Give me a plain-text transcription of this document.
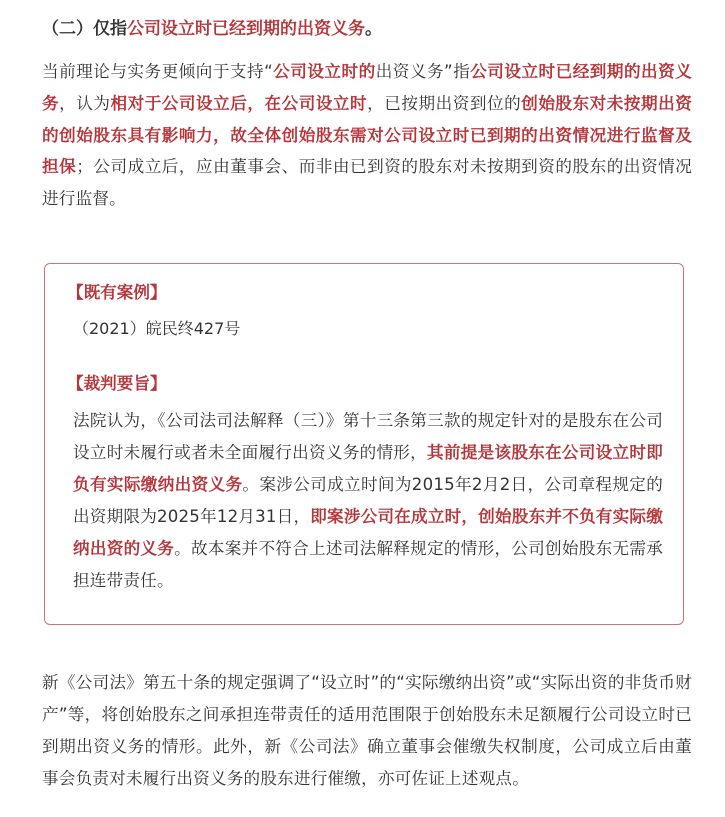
（二）仅指公司设立时已经到期的出资义务。
当前理论与实务更倾向于支持“公司设立时的出资义务”指公司设立时已经到期的出资义务，认为相对于公司设立后，在公司设立时，已按期出资到位的创始股东对未按期出资的创始股东具有影响力，故全体创始股东需对公司设立时已到期的出资情况进行监督及担保；公司成立后，应由董事会、而非由已到资的股东对未按期到资的股东的出资情况进行监督。
【既有案例】
（2021）皖民终427号
【裁判要旨】
法院认为，《公司法司法解释（三）》第十三条第三款的规定针对的是股东在公司设立时未履行或者未全面履行出资义务的情形，其前提是该股东在公司设立时即负有实际缴纳出资义务。案涉公司成立时间为2015年2月2日，公司章程规定的出资期限为2025年12月31日，即案涉公司在成立时，创始股东并不负有实际缴纳出资的义务。故本案并不符合上述司法解释规定的情形，公司创始股东无需承担连带责任。
新《公司法》第五十条的规定强调了“设立时”的“实际缴纳出资”或“实际出资的非货币财产”等，将创始股东之间承担连带责任的适用范围限于创始股东未足额履行公司设立时已到期出资义务的情形。此外，新《公司法》确立董事会催缴失权制度，公司成立后由董事会负责对未履行出资义务的股东进行催缴，亦可佐证上述观点。
